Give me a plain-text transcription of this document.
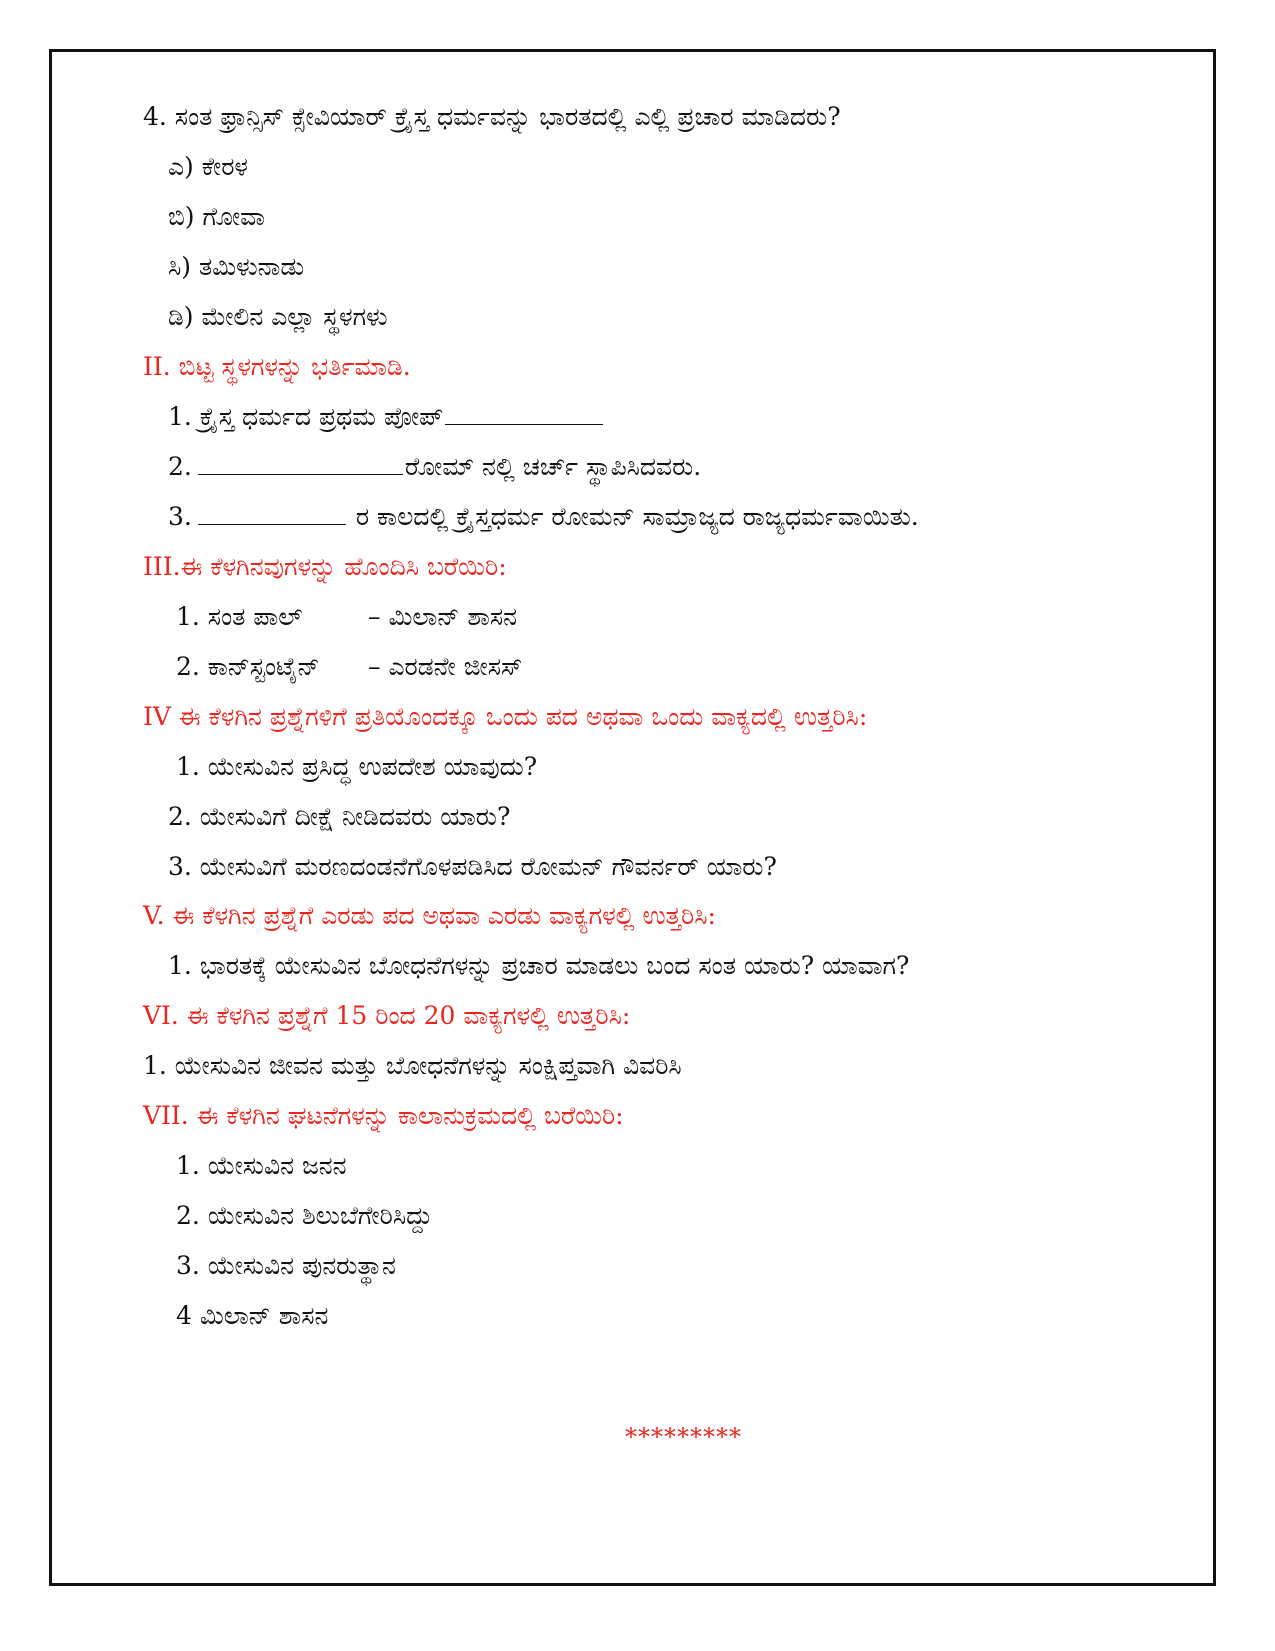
4. ಸಂತ ಫ್ರಾನ್ಸಿಸ್ ಕ್ಸೇವಿಯಾರ್ ಕ್ರೈಸ್ತ ಧರ್ಮವನ್ನು ಭಾರತದಲ್ಲಿ ಎಲ್ಲಿ ಪ್ರಚಾರ ಮಾಡಿದರು?
ಎ) ಕೇರಳ
ಬಿ) ಗೋವಾ
ಸಿ) ತಮಿಳುನಾಡು
ಡಿ) ಮೇಲಿನ ಎಲ್ಲಾ ಸ್ಥಳಗಳು
II. ಬಿಟ್ಟ ಸ್ಥಳಗಳನ್ನು ಭರ್ತಿಮಾಡಿ.
1. ಕ್ರೈಸ್ತ ಧರ್ಮದ ಪ್ರಥಮ ಪೋಪ್
2.	ರೋಮ್ ನಲ್ಲಿ ಚರ್ಚ್ ಸ್ಥಾಪಿಸಿದವರು.
3.	ರ ಕಾಲದಲ್ಲಿ ಕ್ರೈಸ್ತಧರ್ಮ ರೋಮನ್ ಸಾಮ್ರಾಜ್ಯದ ರಾಜ್ಯಧರ್ಮವಾಯಿತು.
III.ಈ ಕೆಳಗಿನವುಗಳನ್ನು ಹೊಂದಿಸಿ ಬರೆಯಿರಿ:
1. ಸಂತ ಪಾಲ್	– ಮಿಲಾನ್ ಶಾಸನ
2. ಕಾನ್‌ಸ್ಟಂಟೈನ್ – ಎರಡನೇ ಜೀಸಸ್
IV ಈ ಕೆಳಗಿನ ಪ್ರಶ್ನೆಗಳಿಗೆ ಪ್ರತಿಯೊಂದಕ್ಕೂ ಒಂದು ಪದ ಅಥವಾ ಒಂದು ವಾಕ್ಯದಲ್ಲಿ ಉತ್ತರಿಸಿ:
1. ಯೇಸುವಿನ ಪ್ರಸಿದ್ಧ ಉಪದೇಶ ಯಾವುದು?
2. ಯೇಸುವಿಗೆ ದೀಕ್ಷೆ ನೀಡಿದವರು ಯಾರು?
3. ಯೇಸುವಿಗೆ ಮರಣದಂಡನೆಗೊಳಪಡಿಸಿದ ರೋಮನ್ ಗೌವರ್ನರ್ ಯಾರು?
V. ಈ ಕೆಳಗಿನ ಪ್ರಶ್ನೆಗೆ ಎರಡು ಪದ ಅಥವಾ ಎರಡು ವಾಕ್ಯಗಳಲ್ಲಿ ಉತ್ತರಿಸಿ:
1. ಭಾರತಕ್ಕೆ ಯೇಸುವಿನ ಬೋಧನೆಗಳನ್ನು ಪ್ರಚಾರ ಮಾಡಲು ಬಂದ ಸಂತ ಯಾರು? ಯಾವಾಗ?
VI. ಈ ಕೆಳಗಿನ ಪ್ರಶ್ನೆಗೆ 15 ರಿಂದ 20 ವಾಕ್ಯಗಳಲ್ಲಿ ಉತ್ತರಿಸಿ:
1. ಯೇಸುವಿನ ಜೀವನ ಮತ್ತು ಬೋಧನೆಗಳನ್ನು ಸಂಕ್ಷಿಪ್ತವಾಗಿ ವಿವರಿಸಿ
VII. ಈ ಕೆಳಗಿನ ಘಟನೆಗಳನ್ನು ಕಾಲಾನುಕ್ರಮದಲ್ಲಿ ಬರೆಯಿರಿ:
1. ಯೇಸುವಿನ ಜನನ
2. ಯೇಸುವಿನ ಶಿಲುಬೆಗೇರಿಸಿದ್ದು
3. ಯೇಸುವಿನ ಪುನರುತ್ಥಾನ
4 ಮಿಲಾನ್ ಶಾಸನ
*********
